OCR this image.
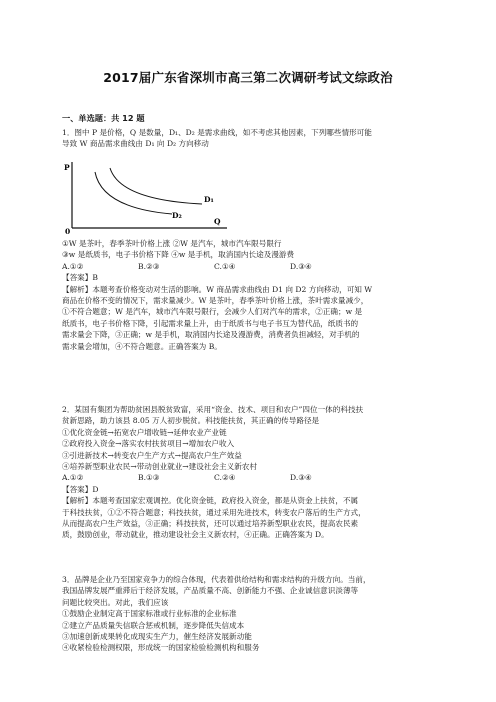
2017届广东省深圳市高三第二次调研考试文综政治
一、单选题：共 12 题
1．图中 P 是价格，Q 是数量，D₁、D₂ 是需求曲线，如不考虑其他因素，下列哪些情形可能
导致 W 商品需求曲线由 D₁ 向 D₂ 方向移动
P
0
Q
D₁
D₂
①W 是茶叶，春季茶叶价格上涨 ②W 是汽车，城市汽车限号限行
③w 是纸质书，电子书价格下降 ④w 是手机，取消国内长途及漫游费
A.①②	B.②③	C.①④	D.③④
【答案】B
【解析】本题考查价格变动对生活的影响。W 商品需求曲线由 D1 向 D2 方向移动，可知 W
商品在价格不变的情况下，需求量减少。W 是茶叶，春季茶叶价格上涨，茶叶需求量减少，
①不符合题意；W 是汽车，城市汽车限号限行，会减少人们对汽车的需求，②正确；w 是
纸质书，电子书价格下降，引起需求量上升，由于纸质书与电子书互为替代品，纸质书的
需求量会下降，③正确；w 是手机，取消国内长途及漫游费，消费者负担减轻，对手机的
需求量会增加，④不符合题意。正确答案为 B。
2．某国有集团为帮助贫困县脱贫致富，采用“资金、技术、项目和农户”四位一体的科技扶
贫新思路，助力该县 8.05 万人初步脱贫。科技能扶贫，其正确的传导路径是
①优化资金链→拓宽农户增收链→延伸农业产业链
②政府投入资金→落实农村扶贫项目→增加农户收入
③引进新技术→转变农户生产方式→提高农户生产效益
④培养新型职业农民→带动创业就业→建设社会主义新农村
A.①②	B.①③	C.②④	D.③④
【答案】D
【解析】本题考查国家宏观调控。优化资金链，政府投入资金，都是从资金上扶贫，不属
于科技扶贫，①②不符合题意；科技扶贫，通过采用先进技术，转变农户落后的生产方式，
从而提高农户生产效益，③正确；科技扶贫，还可以通过培养新型职业农民，提高农民素
质，鼓励创业，带动就业，推动建设社会主义新农村，④正确。正确答案为 D。
3．品牌是企业乃至国家竞争力的综合体现，代表着供给结构和需求结构的升级方向。当前，
我国品牌发展严重滞后于经济发展，产品质量不高、创新能力不强、企业诚信意识淡薄等
问题比较突出。对此，我们应该
①鼓励企业制定高于国家标准或行业标准的企业标准
②建立产品质量失信联合惩戒机制，逐步降低失信成本
③加速创新成果转化成现实生产力，催生经济发展新动能
④收紧检验检测权限，形成统一的国家检验检测机构和服务
